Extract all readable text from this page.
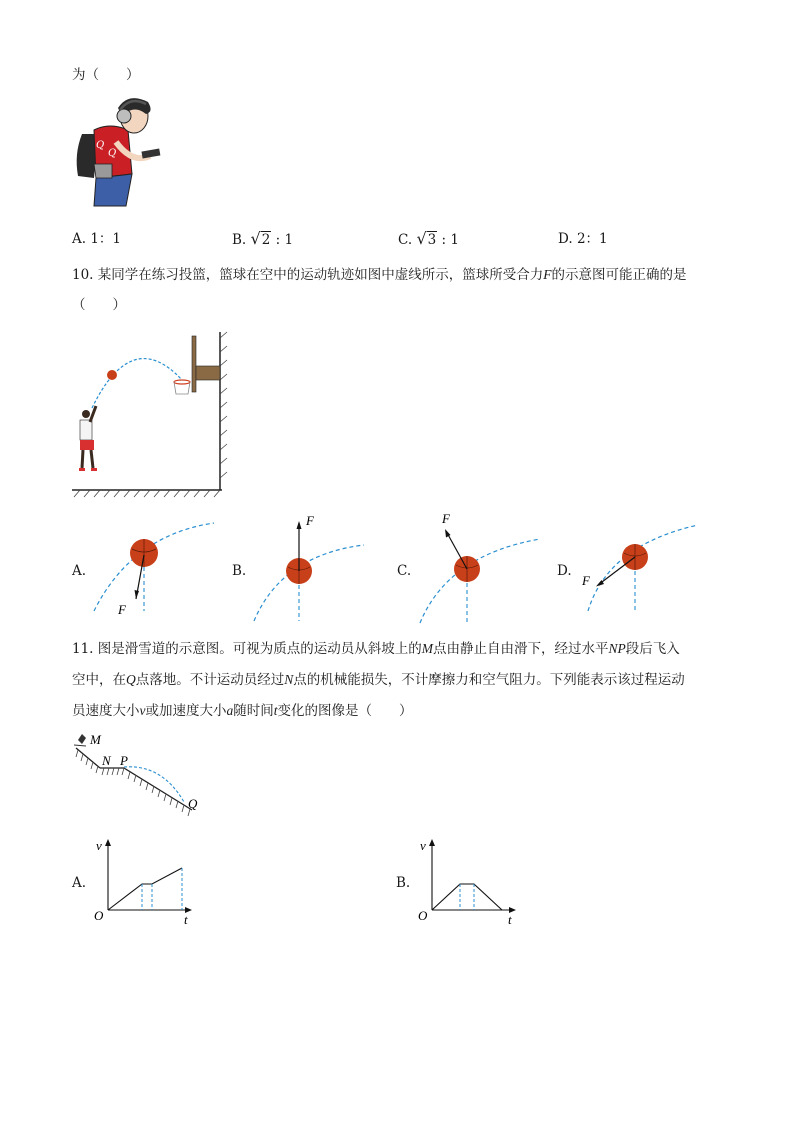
为（　　）
Q
Q
A. 1：1	B. √2 : 1	C. √3 : 1	D. 2：1
10. 某同学在练习投篮，篮球在空中的运动轨迹如图中虚线所示，篮球所受合力F的示意图可能正确的是
（　　）
A.
F
B.
F
C.
F
D.
F
11. 图是滑雪道的示意图。可视为质点的运动员从斜坡上的M点由静止自由滑下，经过水平NP段后飞入
空中，在Q点落地。不计运动员经过N点的机械能损失，不计摩擦力和空气阻力。下列能表示该过程运动
员速度大小v或加速度大小a随时间t变化的图像是（　　）
M
N P
Q
A.
v
O	t
B.
v
O	t
